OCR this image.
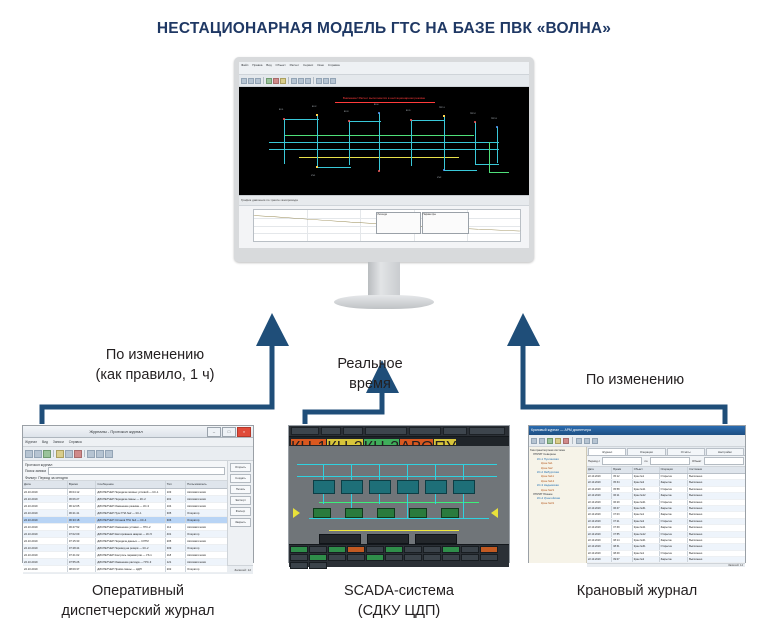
НЕСТАЦИОНАРНАЯ МОДЕЛЬ ГТС НА БАЗЕ ПВК «ВОЛНА»
Файл Правка Вид Объект Расчет Сервис Окно Справка
Внимание! Расчет выполняется в нестационарном режиме
КС-1
КС-2
КС-3
КС-4
КС-5
ГРС-1
ГРС-2
ГРС-3
УЗ-1
УЗ-2
График давления по трассе газопровода
Легенда	Параметры
По изменению
(как правило, 1 ч)
Реальное
время	По изменению
Журналы - Протокол журнал	–	□	×
Журнал Вид Записи Справка
Протокол журнал
Поиск записи
Фильтр: Период за сегодня
Дата	Время	Сообщение	Тип	Пользователь
22.10.2019	06:04:12	ДИСПЕТЧЕР Передача газовых условий — КС-1	103	Автоматически
22.10.2019	06:06:27	ДИСПЕТЧЕР Передача смены — КС-2	201	Автоматически
22.10.2019	06:12:05	ДИСПЕТЧЕР Изменение режима — КС-3	104	Автоматически
22.10.2019	06:21:41	ДИСПЕТЧЕР Пуск ГПА №2 — КС-1	305	Оператор
22.10.2019	06:33:18	ДИСПЕТЧЕР Останов ГПА №4 — КС-4	306	Оператор
22.10.2019	06:47:52	ДИСПЕТЧЕР Изменение уставки — ГРС-2	112	Автоматически
22.10.2019	07:02:09	ДИСПЕТЧЕР Квитирование аварии — КС-5	401	Оператор
22.10.2019	07:15:33	ДИСПЕТЧЕР Передача данных — СЛТМ	205	Автоматически
22.10.2019	07:28:44	ДИСПЕТЧЕР Перевод на резерв — КС-2	309	Оператор
22.10.2019	07:41:02	ДИСПЕТЧЕР Контроль параметров — УЗ-1	118	Автоматически
22.10.2019	07:55:26	ДИСПЕТЧЕР Изменение расхода — ГРС-3	121	Автоматически
22.10.2019	08:09:37	ДИСПЕТЧЕР Приём смены — ЦДП	202	Оператор
Открыть
Создать
Печать
Экспорт
Фильтр
Закрыть
Записей: 12
Оперативный
диспетчерский журнал
SCADA-система
(СДКУ ЦДП)
Крановый журнал — АРМ диспетчера
Газотранспортная система
ЛПУМГ Северное
КС-1 Пунгинская
Кран №1
Кран №2
КС-2 Ямбургская
Кран №11
Кран №12
КС-3 Надымская
Кран №21
ЛПУМГ Южное
КС-4 Уренгойская
Кран №31
Журнал	Операции	Отчёты	Настройки
Период с	по	Объект
Дата	Время	Объект	Операция	Состояние
22.10.2019	05:12	Кран №1	Открытие	Выполнено
22.10.2019	05:34	Кран №2	Закрытие	Выполнено
22.10.2019	05:58	Кран №11	Открытие	Выполнено
22.10.2019	06:11	Кран №12	Закрытие	Выполнено
22.10.2019	06:29	Кран №21	Открытие	Выполнено
22.10.2019	06:47	Кран №31	Закрытие	Выполнено
22.10.2019	07:03	Кран №1	Закрытие	Выполнено
22.10.2019	07:21	Кран №2	Открытие	Выполнено
22.10.2019	07:39	Кран №11	Закрытие	Выполнено
22.10.2019	07:55	Кран №12	Открытие	Выполнено
22.10.2019	08:14	Кран №21	Закрытие	Выполнено
22.10.2019	08:31	Кран №31	Открытие	Выполнено
22.10.2019	08:49	Кран №1	Открытие	Выполнено
22.10.2019	09:07	Кран №2	Закрытие	Выполнено
Записей: 14
Крановый журнал
